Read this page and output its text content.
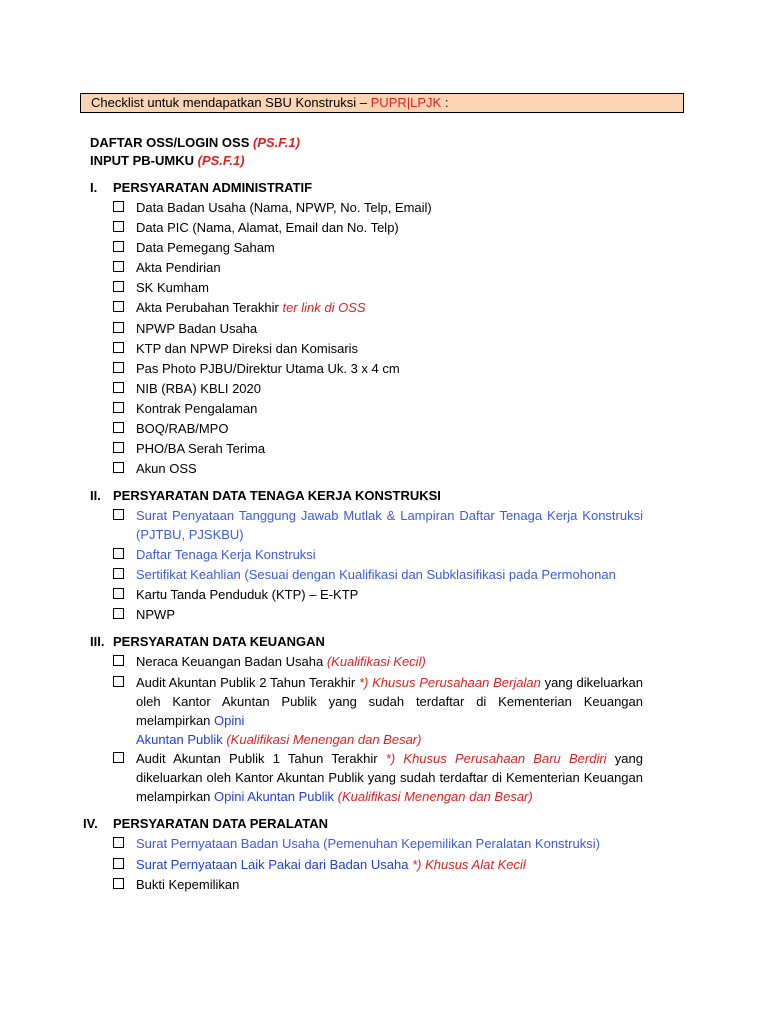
Checklist untuk mendapatkan SBU Konstruksi – PUPR|LPJK :
DAFTAR OSS/LOGIN OSS (PS.F.1)
INPUT PB-UMKU (PS.F.1)
I. PERSYARATAN ADMINISTRATIF
Data Badan Usaha (Nama, NPWP, No. Telp, Email)
Data PIC (Nama, Alamat, Email dan No. Telp)
Data Pemegang Saham
Akta Pendirian
SK Kumham
Akta Perubahan Terakhir ter link di OSS
NPWP Badan Usaha
KTP dan NPWP Direksi dan Komisaris
Pas Photo PJBU/Direktur Utama Uk. 3 x 4 cm
NIB (RBA) KBLI 2020
Kontrak Pengalaman
BOQ/RAB/MPO
PHO/BA Serah Terima
Akun OSS
II. PERSYARATAN DATA TENAGA KERJA KONSTRUKSI
Surat Penyataan Tanggung Jawab Mutlak & Lampiran Daftar Tenaga Kerja Konstruksi (PJTBU, PJSKBU)
Daftar Tenaga Kerja Konstruksi
Sertifikat Keahlian (Sesuai dengan Kualifikasi dan Subklasifikasi pada Permohonan
Kartu Tanda Penduduk (KTP) – E-KTP
NPWP
III. PERSYARATAN DATA KEUANGAN
Neraca Keuangan Badan Usaha (Kualifikasi Kecil)
Audit Akuntan Publik 2 Tahun Terakhir *) Khusus Perusahaan Berjalan yang dikeluarkan oleh Kantor Akuntan Publik yang sudah terdaftar di Kementerian Keuangan melampirkan Opini
Akuntan Publik (Kualifikasi Menengan dan Besar)
Audit Akuntan Publik 1 Tahun Terakhir *) Khusus Perusahaan Baru Berdiri yang dikeluarkan oleh Kantor Akuntan Publik yang sudah terdaftar di Kementerian Keuangan melampirkan Opini Akuntan Publik (Kualifikasi Menengan dan Besar)
IV. PERSYARATAN DATA PERALATAN
Surat Pernyataan Badan Usaha (Pemenuhan Kepemilikan Peralatan Konstruksi)
Surat Pernyataan Laik Pakai dari Badan Usaha *) Khusus Alat Kecil
Bukti Kepemilikan
